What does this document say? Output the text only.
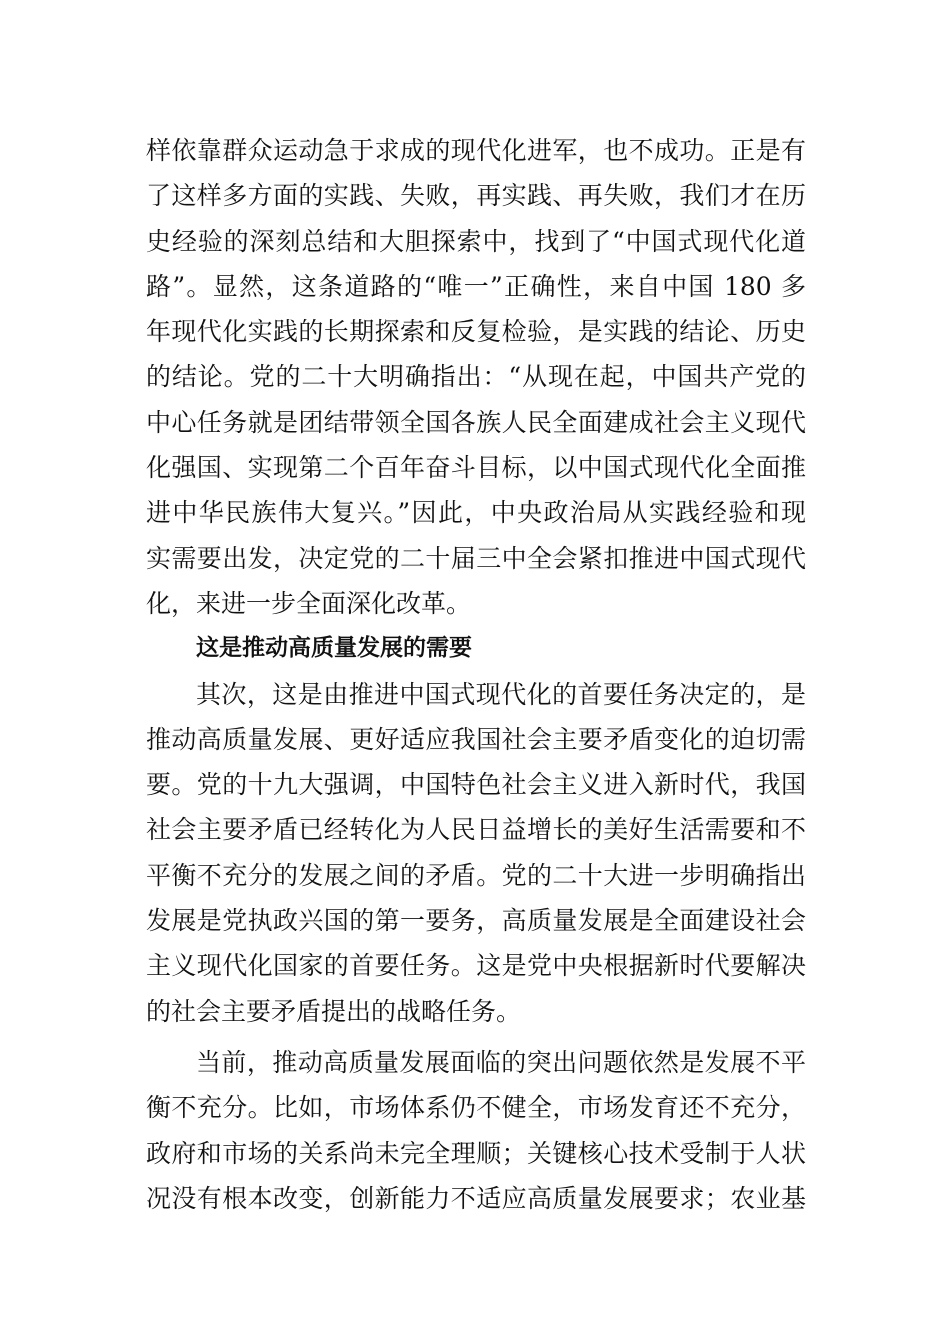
样依靠群众运动急于求成的现代化进军，也不成功。正是有
了这样多方面的实践、失败，再实践、再失败，我们才在历
史经验的深刻总结和大胆探索中，找到了“中国式现代化道
路”。显然，这条道路的“唯一”正确性，来自中国 180 多
年现代化实践的长期探索和反复检验，是实践的结论、历史
的结论。党的二十大明确指出：“从现在起，中国共产党的
中心任务就是团结带领全国各族人民全面建成社会主义现代
化强国、实现第二个百年奋斗目标，以中国式现代化全面推
进中华民族伟大复兴。”因此，中央政治局从实践经验和现
实需要出发，决定党的二十届三中全会紧扣推进中国式现代
化，来进一步全面深化改革。
这是推动高质量发展的需要
其次，这是由推进中国式现代化的首要任务决定的，是
推动高质量发展、更好适应我国社会主要矛盾变化的迫切需
要。党的十九大强调，中国特色社会主义进入新时代，我国
社会主要矛盾已经转化为人民日益增长的美好生活需要和不
平衡不充分的发展之间的矛盾。党的二十大进一步明确指出
发展是党执政兴国的第一要务，高质量发展是全面建设社会
主义现代化国家的首要任务。这是党中央根据新时代要解决
的社会主要矛盾提出的战略任务。
当前，推动高质量发展面临的突出问题依然是发展不平
衡不充分。比如，市场体系仍不健全，市场发育还不充分，
政府和市场的关系尚未完全理顺；关键核心技术受制于人状
况没有根本改变，创新能力不适应高质量发展要求；农业基
